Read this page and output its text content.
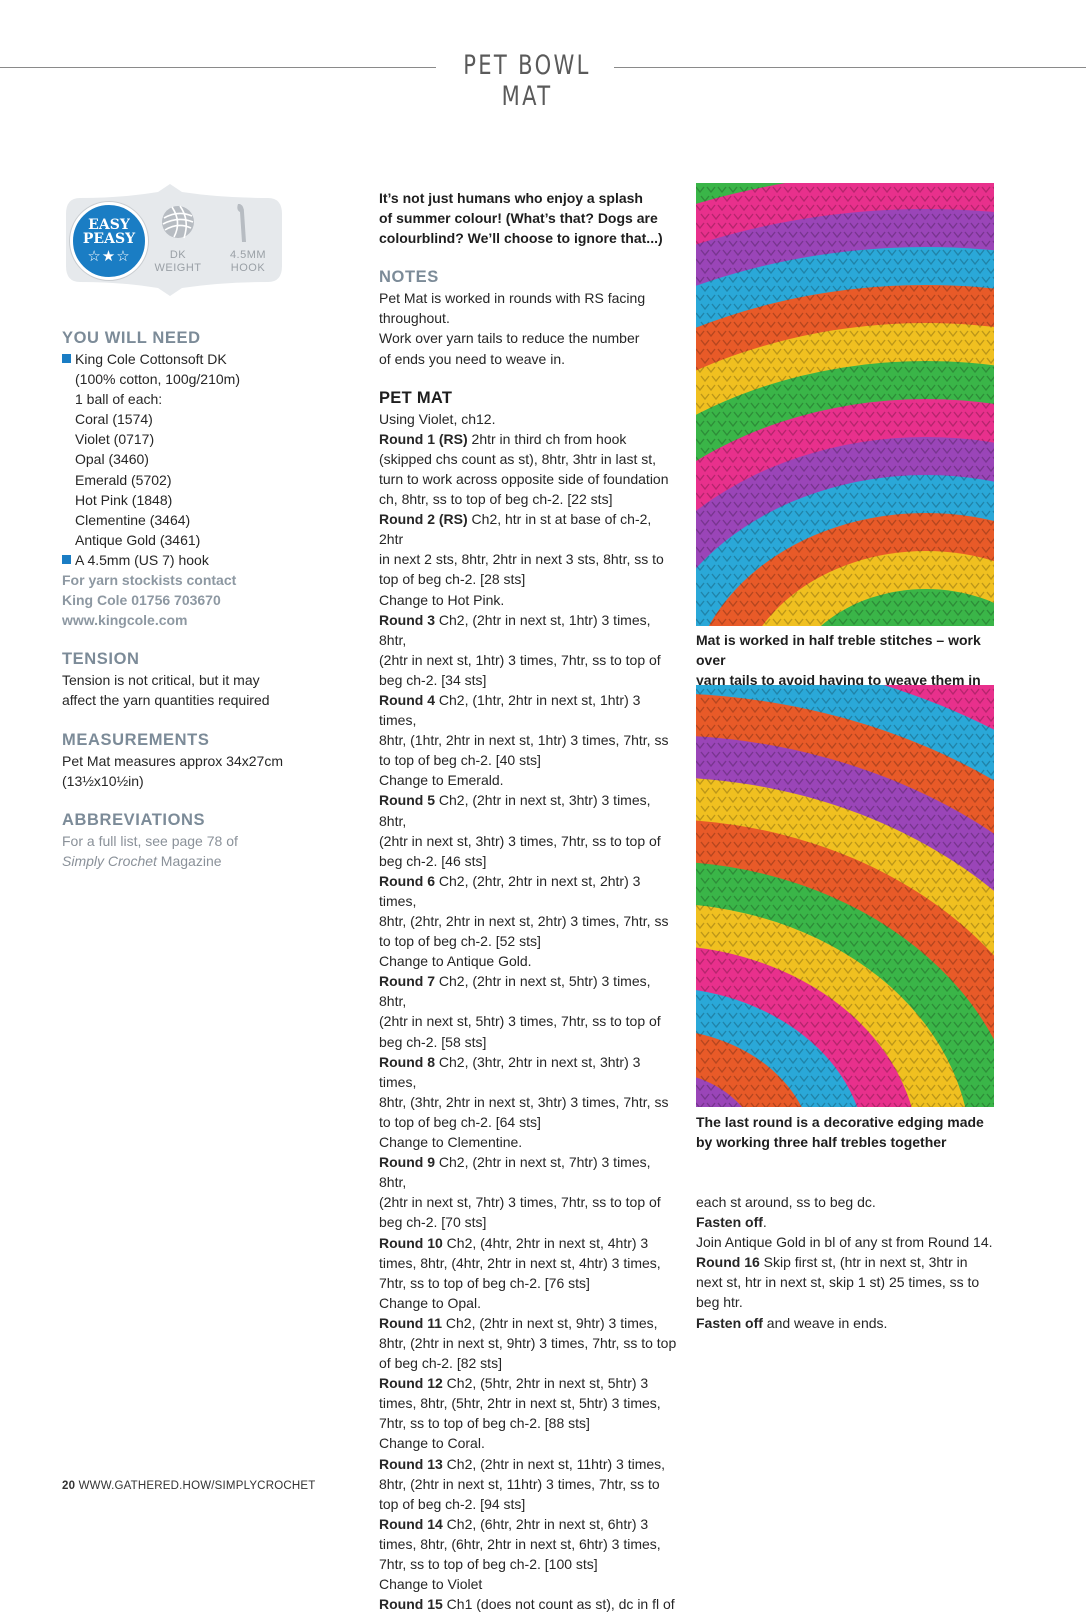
PET BOWL MAT
EASY
PEASY
☆★☆	DK
WEIGHT
4.5MM
HOOK

YOU WILL NEED

King Cole Cottonsoft DK

(100% cotton, 100g/210m)

1 ball of each:

Coral (1574)

Violet (0717)

Opal (3460)

Emerald (5702)

Hot Pink (1848)

Clementine (3464)

Antique Gold (3461)

A 4.5mm (US 7) hook

For yarn stockists contact

King Cole 01756 703670

www.kingcole.com

TENSION

Tension is not critical, but it may

affect the yarn quantities required

MEASUREMENTS

Pet Mat measures approx 34x27cm

(13½x10½in)

ABBREVIATIONS

For a full list, see page 78 of

Simply Crochet Magazine

It’s not just humans who enjoy a splash

of summer colour! (What’s that? Dogs are

colourblind? We’ll choose to ignore that...)

NOTES

Pet Mat is worked in rounds with RS facing

throughout.

Work over yarn tails to reduce the number

of ends you need to weave in.

PET MAT

Using Violet, ch12.

Round 1 (RS) 2htr in third ch from hook

(skipped chs count as st), 8htr, 3htr in last st,

turn to work across opposite side of foundation

ch, 8htr, ss to top of beg ch-2. [22 sts]

Round 2 (RS) Ch2, htr in st at base of ch-2, 2htr

in next 2 sts, 8htr, 2htr in next 3 sts, 8htr, ss to

top of beg ch-2. [28 sts]

Change to Hot Pink.

Round 3 Ch2, (2htr in next st, 1htr) 3 times, 8htr,

(2htr in next st, 1htr) 3 times, 7htr, ss to top of

beg ch-2. [34 sts]

Round 4 Ch2, (1htr, 2htr in next st, 1htr) 3 times,

8htr, (1htr, 2htr in next st, 1htr) 3 times, 7htr, ss

to top of beg ch-2. [40 sts]

Change to Emerald.

Round 5 Ch2, (2htr in next st, 3htr) 3 times, 8htr,

(2htr in next st, 3htr) 3 times, 7htr, ss to top of

beg ch-2. [46 sts]

Round 6 Ch2, (2htr, 2htr in next st, 2htr) 3 times,

8htr, (2htr, 2htr in next st, 2htr) 3 times, 7htr, ss

to top of beg ch-2. [52 sts]

Change to Antique Gold.

Round 7 Ch2, (2htr in next st, 5htr) 3 times, 8htr,

(2htr in next st, 5htr) 3 times, 7htr, ss to top of

beg ch-2. [58 sts]

Round 8 Ch2, (3htr, 2htr in next st, 3htr) 3 times,

8htr, (3htr, 2htr in next st, 3htr) 3 times, 7htr, ss

to top of beg ch-2. [64 sts]

Change to Clementine.

Round 9 Ch2, (2htr in next st, 7htr) 3 times, 8htr,

(2htr in next st, 7htr) 3 times, 7htr, ss to top of

beg ch-2. [70 sts]

Round 10 Ch2, (4htr, 2htr in next st, 4htr) 3

times, 8htr, (4htr, 2htr in next st, 4htr) 3 times,

7htr, ss to top of beg ch-2. [76 sts]

Change to Opal.

Round 11 Ch2, (2htr in next st, 9htr) 3 times,

8htr, (2htr in next st, 9htr) 3 times, 7htr, ss to top

of beg ch-2. [82 sts]

Round 12 Ch2, (5htr, 2htr in next st, 5htr) 3

times, 8htr, (5htr, 2htr in next st, 5htr) 3 times,

7htr, ss to top of beg ch-2. [88 sts]

Change to Coral.

Round 13 Ch2, (2htr in next st, 11htr) 3 times,

8htr, (2htr in next st, 11htr) 3 times, 7htr, ss to

top of beg ch-2. [94 sts]

Round 14 Ch2, (6htr, 2htr in next st, 6htr) 3

times, 8htr, (6htr, 2htr in next st, 6htr) 3 times,

7htr, ss to top of beg ch-2. [100 sts]

Change to Violet

Round 15 Ch1 (does not count as st), dc in fl of

Mat is worked in half treble stitches – work over
yarn tails to avoid having to weave them in
The last round is a decorative edging made
by working three half trebles together

each st around, ss to beg dc.

Fasten off.

Join Antique Gold in bl of any st from Round 14.

Round 16 Skip first st, (htr in next st, 3htr in

next st, htr in next st, skip 1 st) 25 times, ss to

beg htr.

Fasten off and weave in ends.

20 WWW.GATHERED.HOW/SIMPLYCROCHET
